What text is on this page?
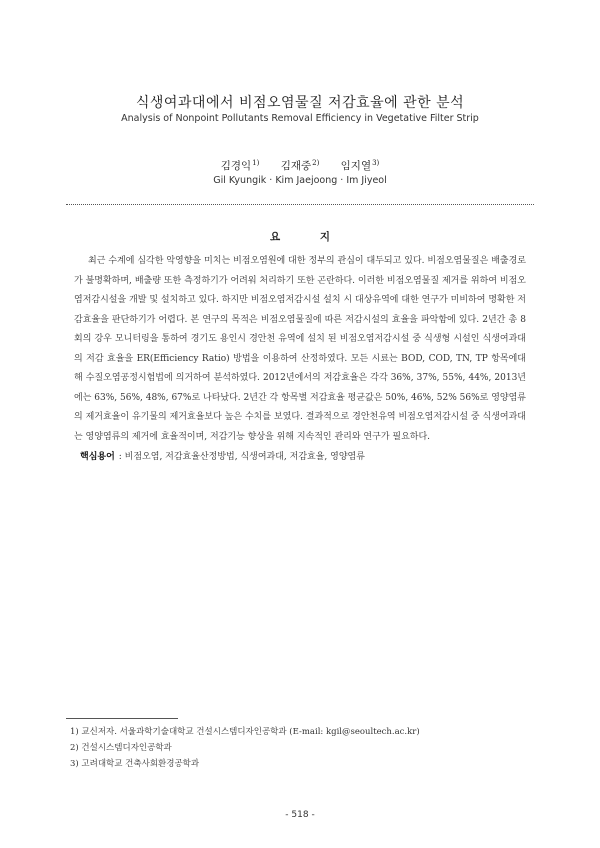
식생여과대에서 비점오염물질 저감효율에 관한 분석
Analysis of Nonpoint Pollutants Removal Efficiency in Vegetative Filter Strip
김경익$^{1)}$ 김재중$^{2)}$ 임지열$^{3)}$
Gil Kyungik · Kim Jaejoong · Im Jiyeol
요 지

최근 수계에 심각한 악영향을 미치는 비점오염원에 대한 정부의 관심이 대두되고 있다. 비점오염물질은 배출경로가 불명확하며, 배출량 또한 측정하기가 어려워 처리하기 또한 곤란하다. 이러한 비점오염물질 제거를 위하여 비점오염저감시설을 개발 및 설치하고 있다. 하지만 비점오염저감시설 설치 시 대상유역에 대한 연구가 미비하여 명확한 저감효율을 판단하기가 어렵다. 본 연구의 목적은 비점오염물질에 따른 저감시설의 효율을 파악함에 있다. 2년간 총 8회의 강우 모니터링을 통하여 경기도 용인시 경안천 유역에 설치 된 비점오염저감시설 중 식생형 시설인 식생여과대의 저감 효율을 ER(Efficiency Ratio) 방법을 이용하여 산정하였다. 모든 시료는 BOD, COD, TN, TP 항목에대해 수질오염공정시험법에 의거하여 분석하였다. 2012년에서의 저감효율은 각각 36%, 37%, 55%, 44%, 2013년에는 63%, 56%, 48%, 67%로 나타났다. 2년간 각 항목별 저감효율 평균값은 50%, 46%, 52% 56%로 영양염류의 제거효율이 유기물의 제거효율보다 높은 수치를 보였다. 결과적으로 경안천유역 비점오염저감시설 중 식생여과대는 영양염류의 제거에 효율적이며, 저감기능 향상을 위해 지속적인 관리와 연구가 필요하다.

핵심용어 : 비점오염, 저감효율산정방법, 식생여과대, 저감효율, 영양염류
1) 교신저자. 서울과학기술대학교 건설시스템디자인공학과 (E-mail: kgil@seoultech.ac.kr)
2) 건설시스템디자인공학과
3) 고려대학교 건축사회환경공학과
- 518 -
